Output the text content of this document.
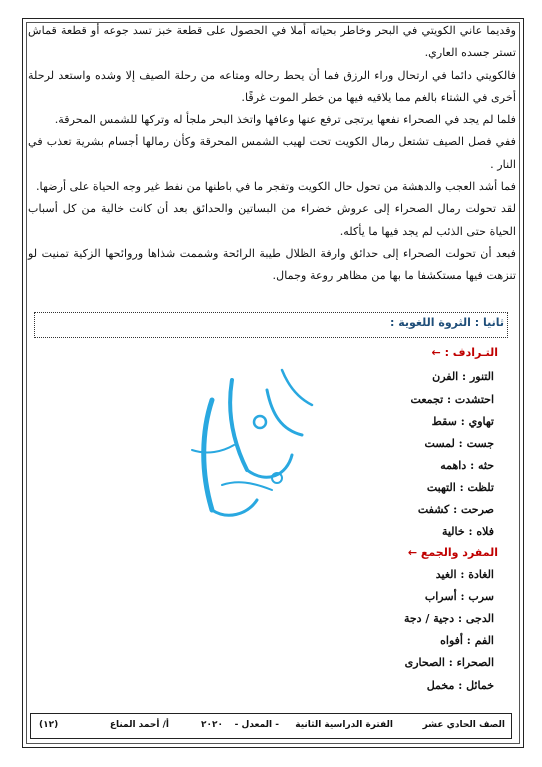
وقديما عاني الكويتي في البحر وخاطر بحياته أملا في الحصول على قطعة خبز تسد جوعه أو قطعة قماش تستر جسده العاري.

فالكويتي دائما في ارتحال وراء الرزق فما أن يحط رحاله ومتاعه من رحلة الصيف إلا وشده واستعد لرحلة أخرى في الشتاء بالغم مما يلاقيه فيها من خطر الموت غرقًا.

فلما لم يجد في الصحراء نفعها يرتجى ترفع عنها وعافها واتخذ البحر ملجأ له وتركها للشمس المحرقة.

ففي فصل الصيف تشتعل رمال الكويت تحت لهيب الشمس المحرقة وكأن رمالها أجسام بشرية تعذب في النار .

فما أشد العجب والدهشة من تحول حال الكويت وتفجر ما في باطنها من نفط غير وجه الحياة على أرضها.

لقد تحولت رمال الصحراء إلى عروش خضراء من البساتين والحدائق بعد أن كانت خالية من كل أسباب الحياة حتى الذئب لم يجد فيها ما يأكله.

فبعد أن تحولت الصحراء إلى حدائق وارفة الظلال طيبة الرائحة وشممت شذاها وروائحها الزكية تمنيت لو تنزهت فيها مستكشفا ما بها من مظاهر روعة وجمال.

ثانيا : الثروة اللغوية :
التـرادف : ←
التنور : الفرن
احتشدت : تجمعت
تهاوي : سقط
جست : لمست
حثه : داهمه
تلظت : التهبت
صرحت : كشفت
فلاه : خالية
المفرد والجمع ←
الغادة : الغيد
سرب : أسراب
الدجى : دجية / دجة
الفم : أفواه
الصحراء : الصحارى
خمائل : مخمل
الصف الحادي عشر
الفترة الدراسية الثانية
- المعدل -
٢٠٢٠
أ/ أحمد المناع
(١٢)
